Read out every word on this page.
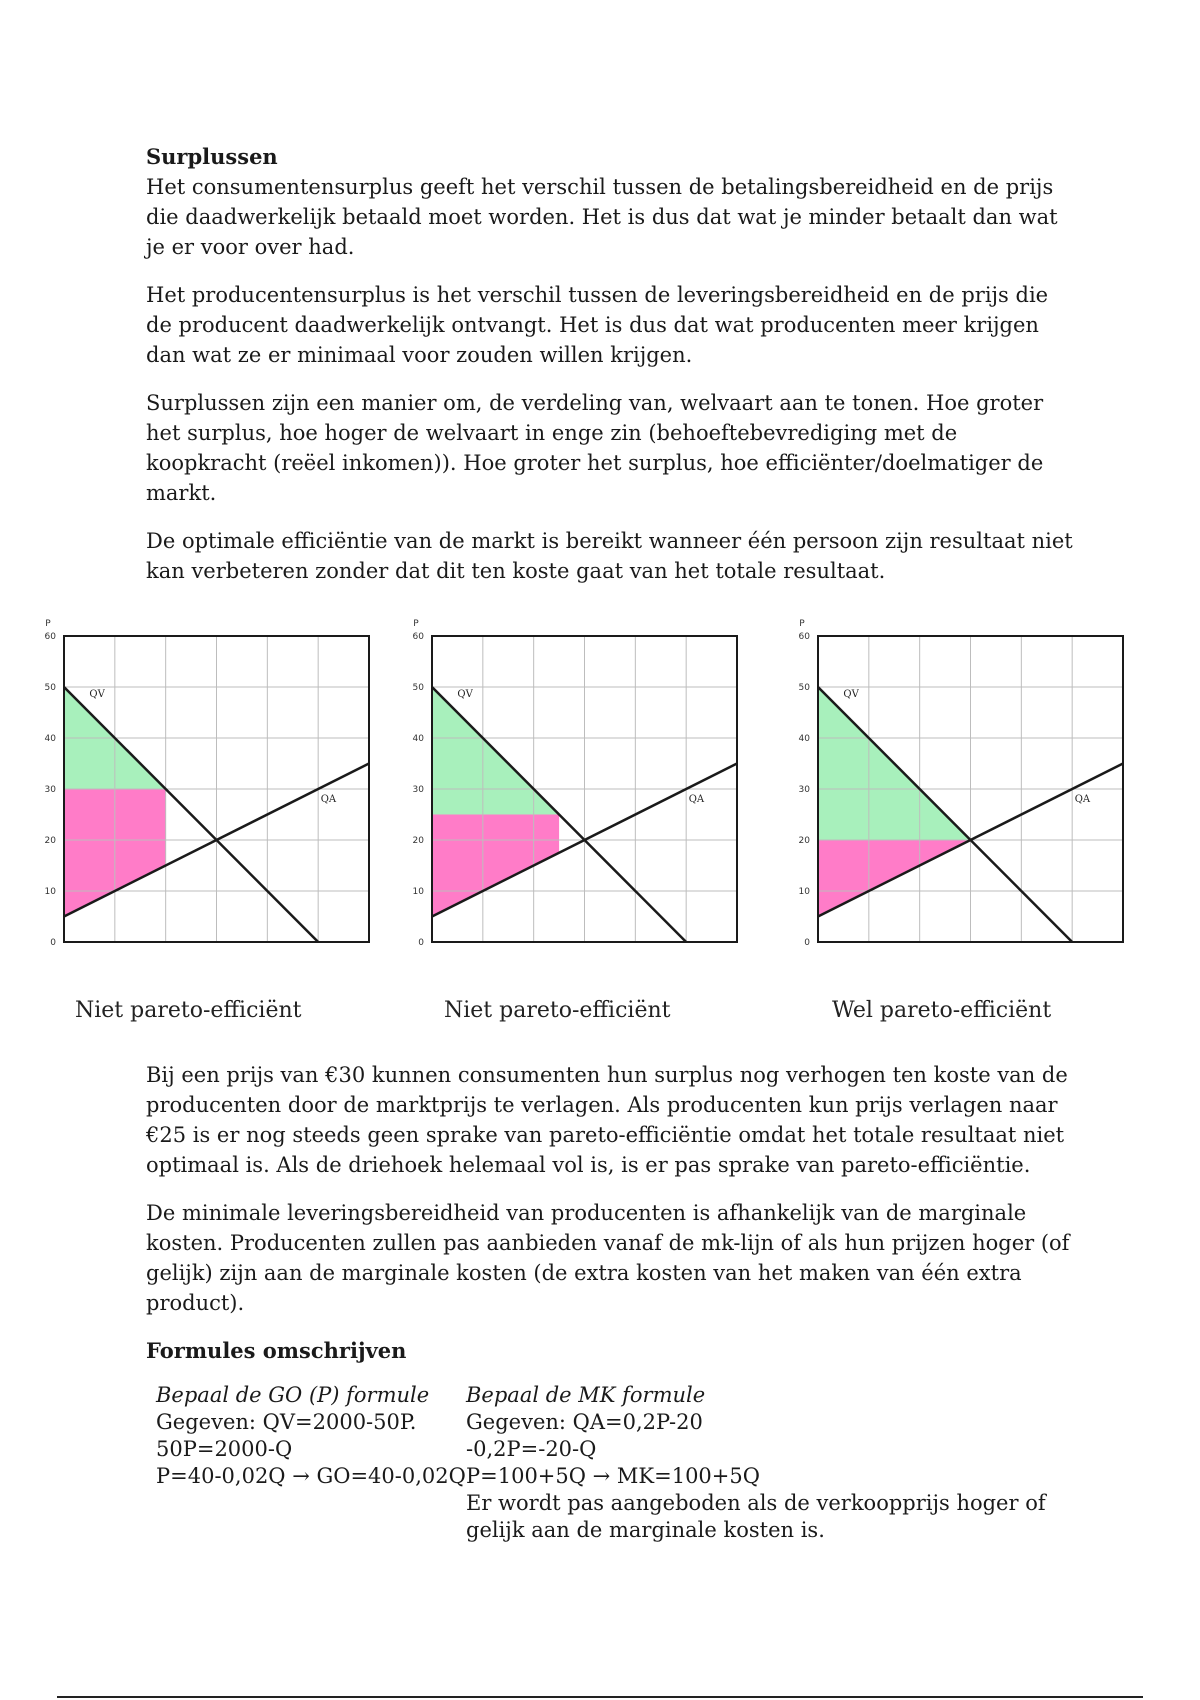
Surplussen

Het consumentensurplus geeft het verschil tussen de betalingsbereidheid en de prijs die daadwerkelijk betaald moet worden. Het is dus dat wat je minder betaalt dan wat je er voor over had.

Het producentensurplus is het verschil tussen de leveringsbereidheid en de prijs die de producent daadwerkelijk ontvangt. Het is dus dat wat producenten meer krijgen dan wat ze er minimaal voor zouden willen krijgen.

Surplussen zijn een manier om, de verdeling van, welvaart aan te tonen. Hoe groter het surplus, hoe hoger de welvaart in enge zin (behoeftebevrediging met de koopkracht (reëel inkomen)). Hoe groter het surplus, hoe efficiënter/doelmatiger de markt.

De optimale efficiëntie van de markt is bereikt wanneer één persoon zijn resultaat niet kan verbeteren zonder dat dit ten koste gaat van het totale resultaat.

0
10
20
30
40
50
60
P
QV
QA
Niet pareto-efficiënt
0
10
20
30
40
50
60
P
QV
QA
Niet pareto-efficiënt
0
10
20
30
40
50
60
P
QV
QA
Wel pareto-efficiënt

Bij een prijs van €30 kunnen consumenten hun surplus nog verhogen ten koste van de producenten door de marktprijs te verlagen. Als producenten kun prijs verlagen naar €25 is er nog steeds geen sprake van pareto-efficiëntie omdat het totale resultaat niet optimaal is. Als de driehoek helemaal vol is, is er pas sprake van pareto-efficiëntie.

De minimale leveringsbereidheid van producenten is afhankelijk van de marginale kosten. Producenten zullen pas aanbieden vanaf de mk-lijn of als hun prijzen hoger (of gelijk) zijn aan de marginale kosten (de extra kosten van het maken van één extra product).

Formules omschrijven

Bepaal de GO (P) formule
Gegeven: QV=2000-50P.
50P=2000-Q
P=40-0,02Q → GO=40-0,02Q
Bepaal de MK formule
Gegeven: QA=0,2P-20
-0,2P=-20-Q
P=100+5Q → MK=100+5Q
Er wordt pas aangeboden als de verkoopprijs hoger of gelijk aan de marginale kosten is.
